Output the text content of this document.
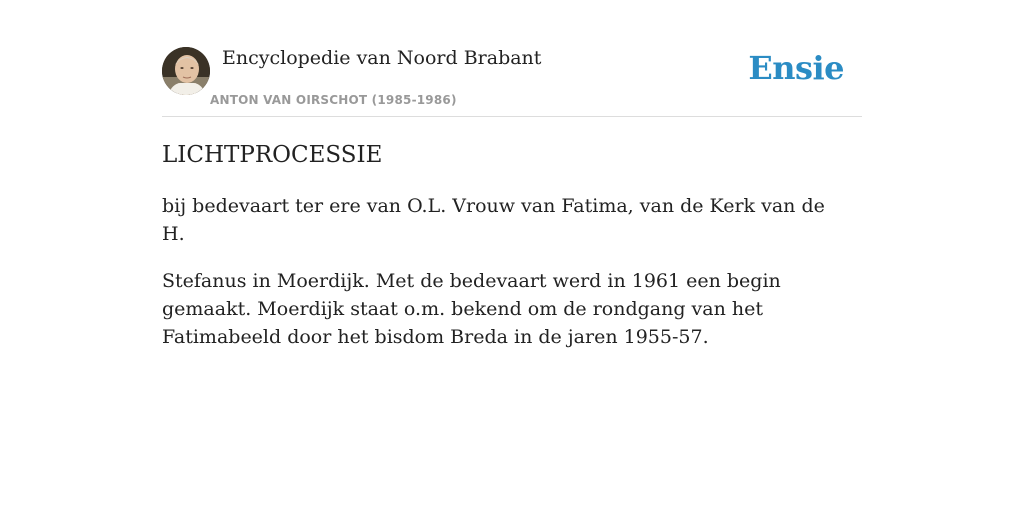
Encyclopedie van Noord Brabant
ANTON VAN OIRSCHOT (1985-1986)
Ensie
LICHTPROCESSIE

bij bedevaart ter ere van O.L. Vrouw van Fatima, van de Kerk van de H.

Stefanus in Moerdijk. Met de bedevaart werd in 1961 een begin gemaakt. Moerdijk staat o.m. bekend om de rondgang van het Fatimabeeld door het bisdom Breda in de jaren 1955-57.
